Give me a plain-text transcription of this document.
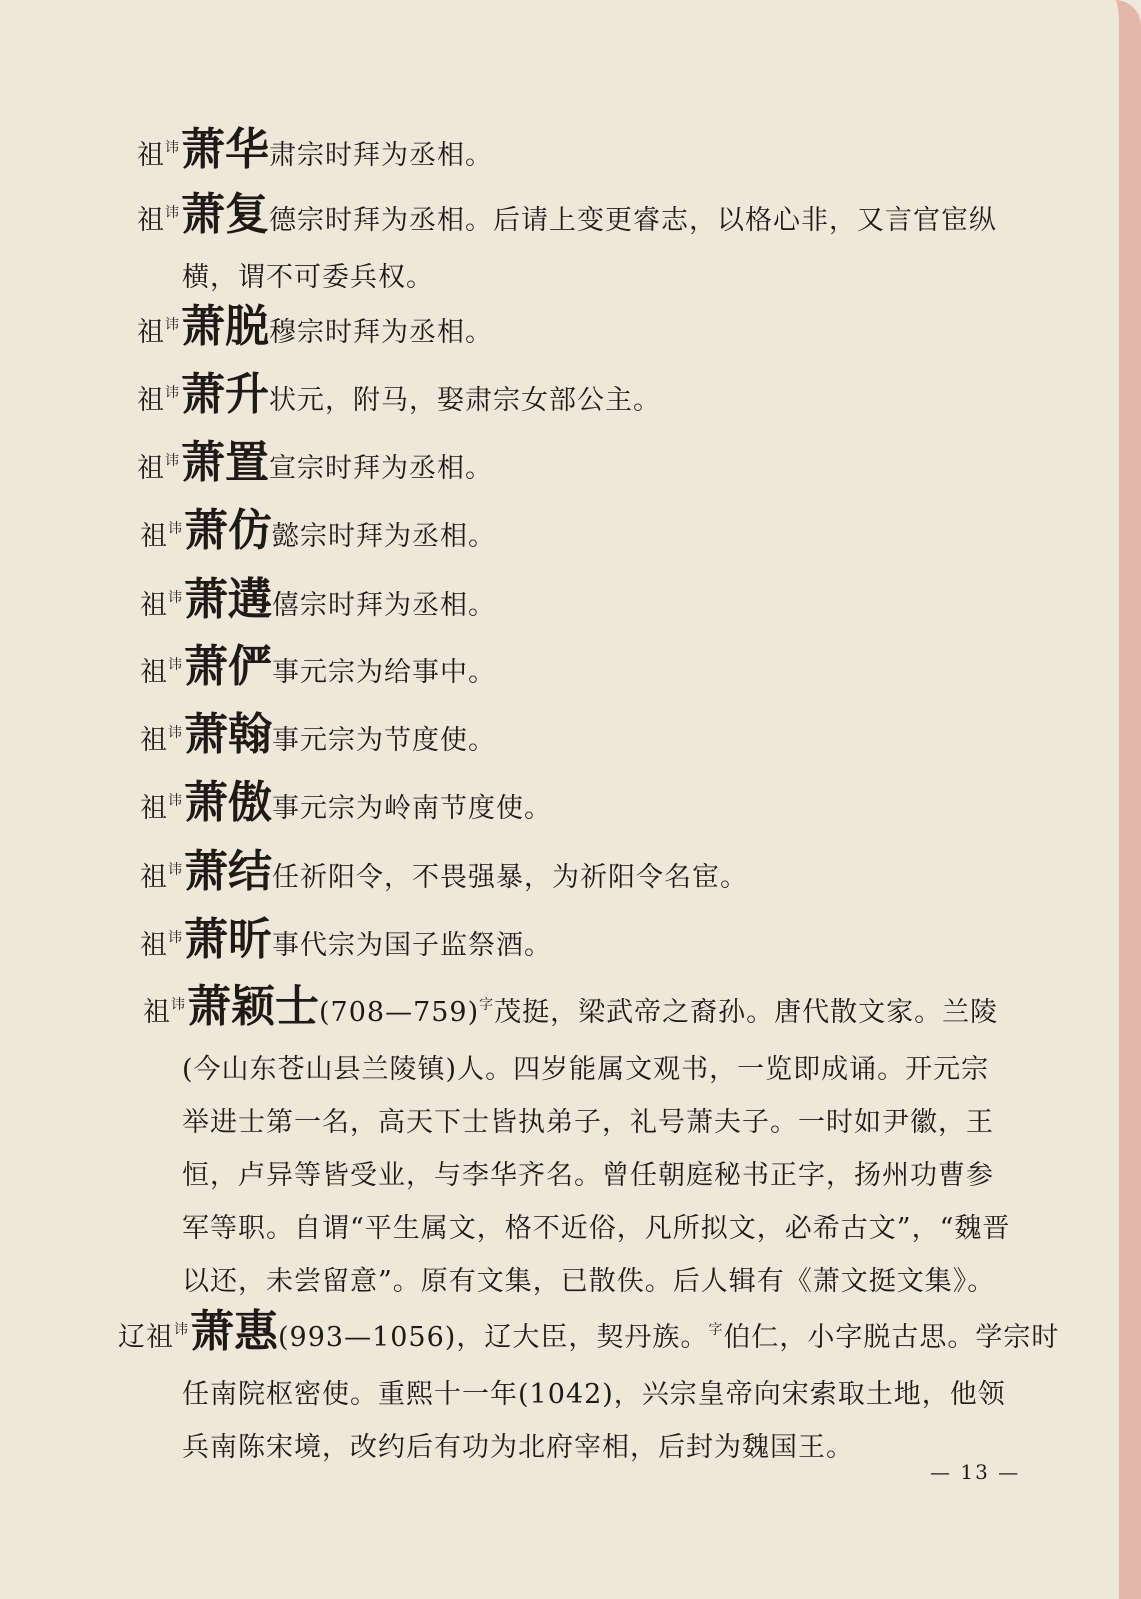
祖$^讳$萧华肃宗时拜为丞相。
祖$^讳$萧复德宗时拜为丞相。后请上变更睿志，以格心非，又言官宦纵
横，谓不可委兵权。
祖$^讳$萧脱穆宗时拜为丞相。
祖$^讳$萧升状元，附马，娶肃宗女部公主。
祖$^讳$萧置宣宗时拜为丞相。
祖$^讳$萧仿懿宗时拜为丞相。
祖$^讳$萧遘僖宗时拜为丞相。
祖$^讳$萧俨事元宗为给事中。
祖$^讳$萧翰事元宗为节度使。
祖$^讳$萧傲事元宗为岭南节度使。
祖$^讳$萧结任祈阳令，不畏强暴，为祈阳令名宦。
祖$^讳$萧昕事代宗为国子监祭酒。
祖$^讳$萧颖士(708—759)$^字$茂挺，梁武帝之裔孙。唐代散文家。兰陵
(今山东苍山县兰陵镇)人。四岁能属文观书，一览即成诵。开元宗
举进士第一名，高天下士皆执弟子，礼号萧夫子。一时如尹徽，王
恒，卢异等皆受业，与李华齐名。曾任朝庭秘书正字，扬州功曹参
军等职。自谓“平生属文，格不近俗，凡所拟文，必希古文”，“魏晋
以还，未尝留意”。原有文集，已散佚。后人辑有《萧文挺文集》。
辽祖$^讳$萧惠(993—1056)，辽大臣，契丹族。$^字$伯仁，小字脱古思。学宗时
任南院枢密使。重熙十一年(1042)，兴宗皇帝向宋索取土地，他领
兵南陈宋境，改约后有功为北府宰相，后封为魏国王。
— 13 —
